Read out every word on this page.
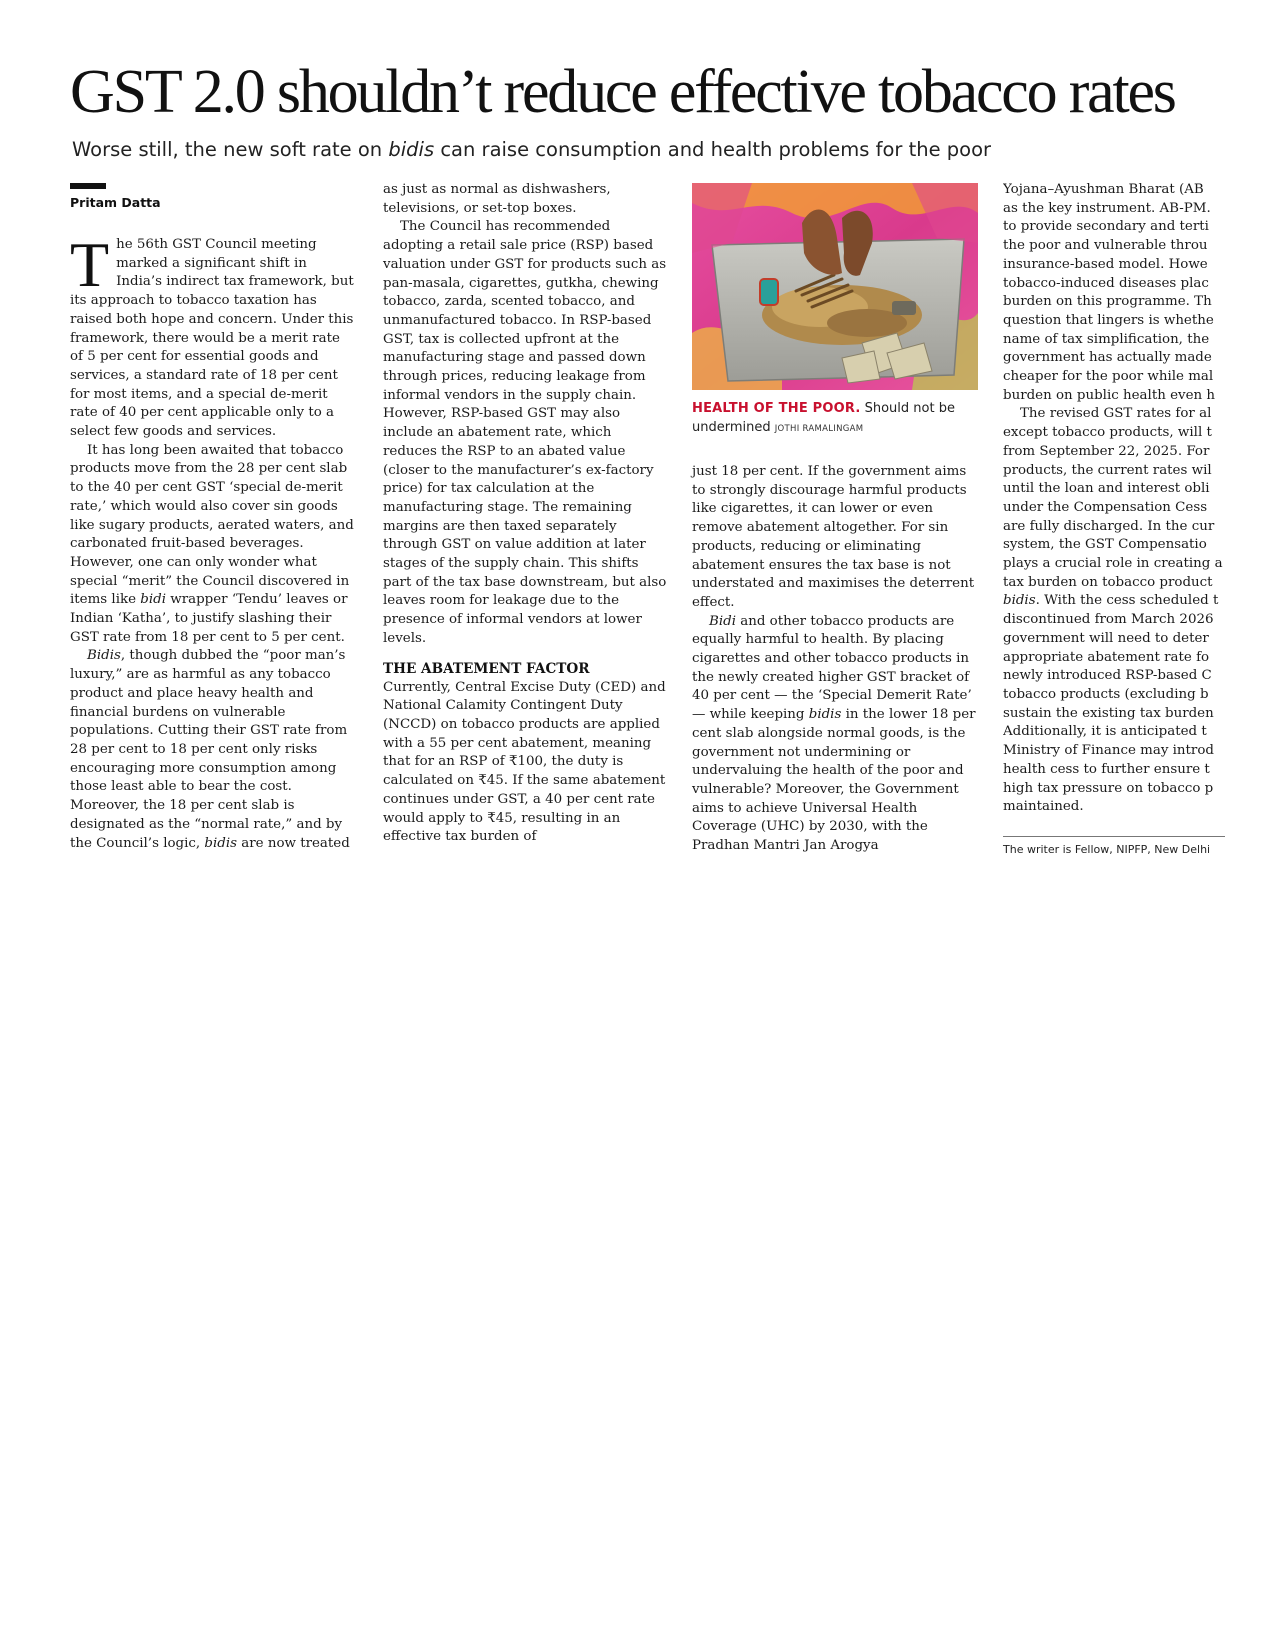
GST 2.0 shouldn’t reduce effective tobacco rates

Worse still, the new soft rate on bidis can raise consumption and health problems for the poor

Pritam Datta

The 56th GST Council meeting marked a significant shift in India’s indirect tax framework, but its approach to tobacco taxation has raised both hope and concern. Under this framework, there would be a merit rate of 5 per cent for essential goods and services, a standard rate of 18 per cent for most items, and a special de-merit rate of 40 per cent applicable only to a select few goods and services.

It has long been awaited that tobacco products move from the 28 per cent slab to the 40 per cent GST ‘special de-merit rate,’ which would also cover sin goods like sugary products, aerated waters, and carbonated fruit-based beverages. However, one can only wonder what special “merit” the Council discovered in items like bidi wrapper ‘Tendu’ leaves or Indian ‘Katha’, to justify slashing their GST rate from 18 per cent to 5 per cent.

Bidis, though dubbed the “poor man’s luxury,” are as harmful as any tobacco product and place heavy health and financial burdens on vulnerable populations. Cutting their GST rate from 28 per cent to 18 per cent only risks encouraging more consumption among those least able to bear the cost. Moreover, the 18 per cent slab is designated as the “normal rate,” and by the Council’s logic, bidis are now treated

as just as normal as dishwashers, televisions, or set-top boxes.

The Council has recommended adopting a retail sale price (RSP) based valuation under GST for products such as pan-masala, cigarettes, gutkha, chewing tobacco, zarda, scented tobacco, and unmanufactured tobacco. In RSP-based GST, tax is collected upfront at the manufacturing stage and passed down through prices, reducing leakage from informal vendors in the supply chain. However, RSP-based GST may also include an abatement rate, which reduces the RSP to an abated value (closer to the manufacturer’s ex-factory price) for tax calculation at the manufacturing stage. The remaining margins are then taxed separately through GST on value addition at later stages of the supply chain. This shifts part of the tax base downstream, but also leaves room for leakage due to the presence of informal vendors at lower levels.

THE ABATEMENT FACTOR

Currently, Central Excise Duty (CED) and National Calamity Contingent Duty (NCCD) on tobacco products are applied with a 55 per cent abatement, meaning that for an RSP of ₹100, the duty is calculated on ₹45. If the same abatement continues under GST, a 40 per cent rate would apply to ₹45, resulting in an effective tax burden of

HEALTH OF THE POOR. Should not be undermined JOTHI RAMALINGAM

just 18 per cent. If the government aims to strongly discourage harmful products like cigarettes, it can lower or even remove abatement altogether. For sin products, reducing or eliminating abatement ensures the tax base is not understated and maximises the deterrent effect.

Bidi and other tobacco products are equally harmful to health. By placing cigarettes and other tobacco products in the newly created higher GST bracket of 40 per cent — the ‘Special Demerit Rate’ — while keeping bidis in the lower 18 per cent slab alongside normal goods, is the government not undermining or undervaluing the health of the poor and vulnerable? Moreover, the Government aims to achieve Universal Health Coverage (UHC) by 2030, with the Pradhan Mantri Jan Arogya

Yojana–Ayushman Bharat (AB
as the key instrument. AB-PM.
to provide secondary and terti
the poor and vulnerable throu
insurance-based model. Howe
tobacco-induced diseases plac
burden on this programme. Th
question that lingers is whethe
name of tax simplification, the
government has actually made
cheaper for the poor while mal
burden on public health even h
The revised GST rates for al
except tobacco products, will t
from September 22, 2025. For
products, the current rates wil
until the loan and interest obli
under the Compensation Cess
are fully discharged. In the cur
system, the GST Compensatio
plays a crucial role in creating a
tax burden on tobacco product
bidis. With the cess scheduled t
discontinued from March 2026
government will need to deter
appropriate abatement rate fo
newly introduced RSP-based C
tobacco products (excluding b
sustain the existing tax burden
Additionally, it is anticipated t
Ministry of Finance may introd
health cess to further ensure t
high tax pressure on tobacco p
maintained.
The writer is Fellow, NIPFP, New Delhi
